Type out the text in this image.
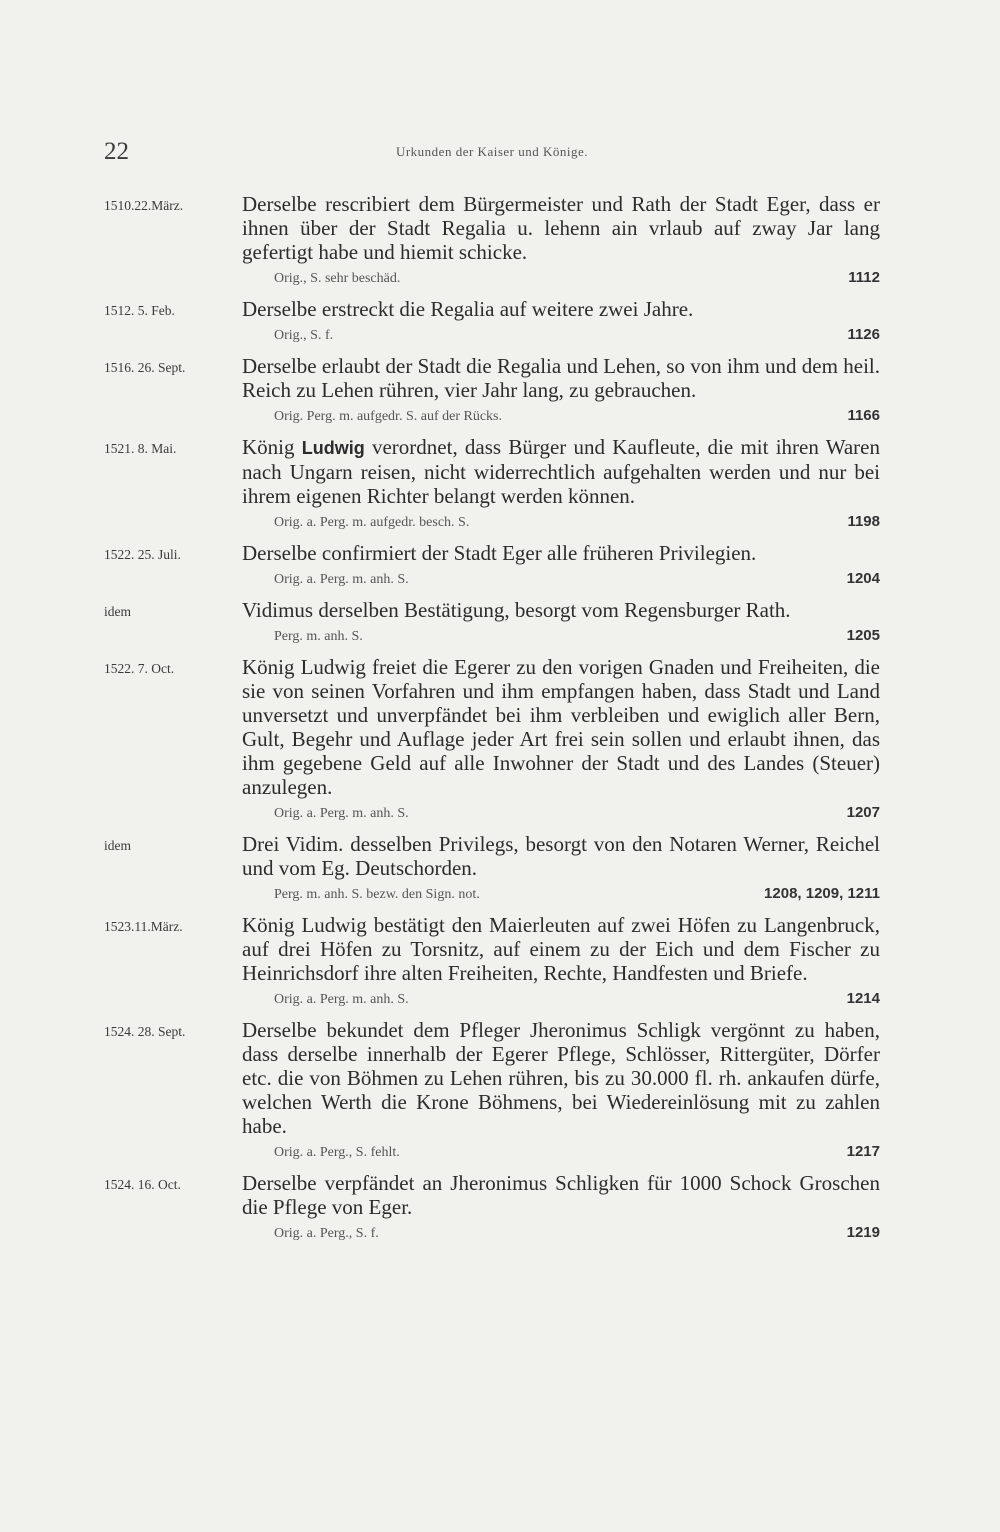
22	Urkunden der Kaiser und Könige.
1510.22.März.	Derselbe rescribiert dem Bürgermeister und Rath der Stadt Eger, dass er ihnen über der Stadt Regalia u. lehenn ain vrlaub auf zway Jar lang gefertigt habe und hiemit schicke.
Orig., S. sehr beschäd.	1112
1512. 5. Feb.	Derselbe erstreckt die Regalia auf weitere zwei Jahre.
Orig., S. f.	1126
1516. 26. Sept.	Derselbe erlaubt der Stadt die Regalia und Lehen, so von ihm und dem heil. Reich zu Lehen rühren, vier Jahr lang, zu gebrauchen.
Orig. Perg. m. aufgedr. S. auf der Rücks.	1166
1521. 8. Mai.	König Ludwig verordnet, dass Bürger und Kaufleute, die mit ihren Waren nach Ungarn reisen, nicht widerrechtlich aufgehalten werden und nur bei ihrem eigenen Richter belangt werden können.
Orig. a. Perg. m. aufgedr. besch. S.	1198
1522. 25. Juli.	Derselbe confirmiert der Stadt Eger alle früheren Privilegien.
Orig. a. Perg. m. anh. S.	1204
idem	Vidimus derselben Bestätigung, besorgt vom Regensburger Rath.
Perg. m. anh. S.	1205
1522. 7. Oct.	König Ludwig freiet die Egerer zu den vorigen Gnaden und Freiheiten, die sie von seinen Vorfahren und ihm empfangen haben, dass Stadt und Land unversetzt und unverpfändet bei ihm verbleiben und ewiglich aller Bern, Gult, Begehr und Auflage jeder Art frei sein sollen und erlaubt ihnen, das ihm gegebene Geld auf alle Inwohner der Stadt und des Landes (Steuer) anzulegen.
Orig. a. Perg. m. anh. S.	1207
idem	Drei Vidim. desselben Privilegs, besorgt von den Notaren Werner, Reichel und vom Eg. Deutschorden.
Perg. m. anh. S. bezw. den Sign. not.	1208, 1209, 1211
1523.11.März.	König Ludwig bestätigt den Maierleuten auf zwei Höfen zu Langenbruck, auf drei Höfen zu Torsnitz, auf einem zu der Eich und dem Fischer zu Heinrichsdorf ihre alten Freiheiten, Rechte, Handfesten und Briefe.
Orig. a. Perg. m. anh. S.	1214
1524. 28. Sept.	Derselbe bekundet dem Pfleger Jheronimus Schligk vergönnt zu haben, dass derselbe innerhalb der Egerer Pflege, Schlösser, Rittergüter, Dörfer etc. die von Böhmen zu Lehen rühren, bis zu 30.000 fl. rh. ankaufen dürfe, welchen Werth die Krone Böhmens, bei Wiedereinlösung mit zu zahlen habe.
Orig. a. Perg., S. fehlt.	1217
1524. 16. Oct.	Derselbe verpfändet an Jheronimus Schligken für 1000 Schock Groschen die Pflege von Eger.
Orig. a. Perg., S. f.	1219
